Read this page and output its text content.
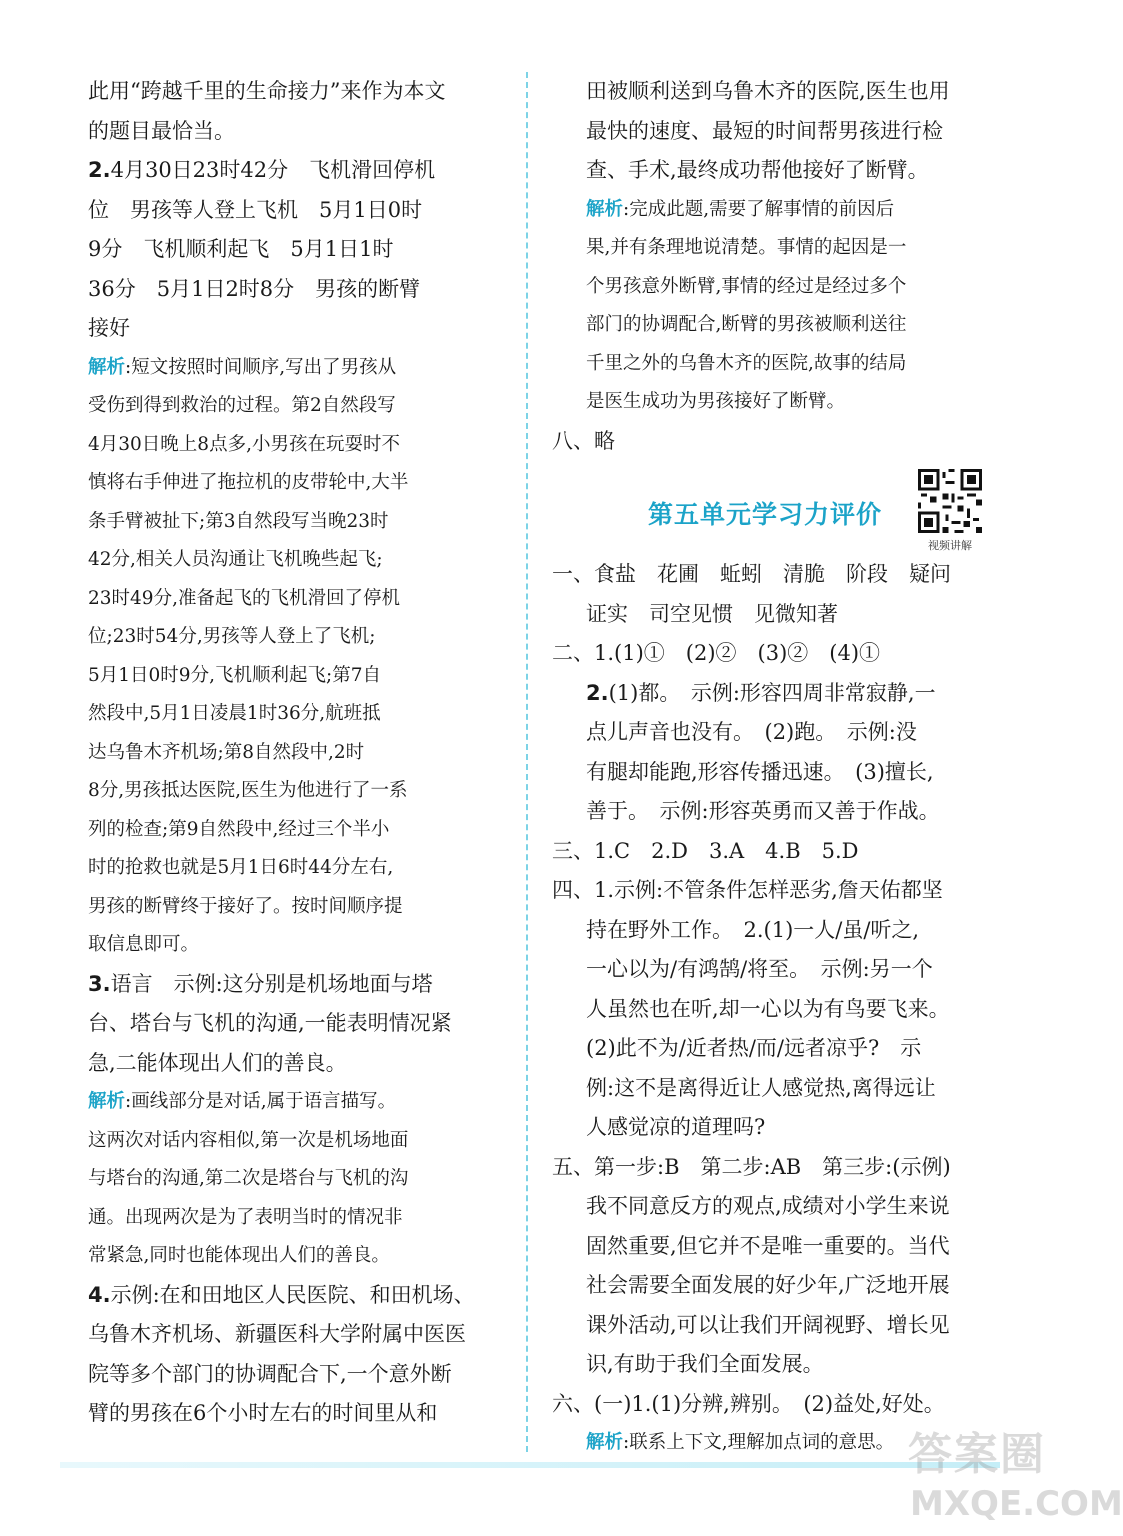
此用“跨越千里的生命接力”来作为本文
的题目最恰当。
2.4月30日23时42分　飞机滑回停机
位　男孩等人登上飞机　5月1日0时
9分　飞机顺利起飞　5月1日1时
36分　5月1日2时8分　男孩的断臂
接好
解析:短文按照时间顺序,写出了男孩从
受伤到得到救治的过程。第2自然段写
4月30日晚上8点多,小男孩在玩耍时不
慎将右手伸进了拖拉机的皮带轮中,大半
条手臂被扯下;第3自然段写当晚23时
42分,相关人员沟通让飞机晚些起飞;
23时49分,准备起飞的飞机滑回了停机
位;23时54分,男孩等人登上了飞机;
5月1日0时9分,飞机顺利起飞;第7自
然段中,5月1日凌晨1时36分,航班抵
达乌鲁木齐机场;第8自然段中,2时
8分,男孩抵达医院,医生为他进行了一系
列的检查;第9自然段中,经过三个半小
时的抢救也就是5月1日6时44分左右,
男孩的断臂终于接好了。按时间顺序提
取信息即可。
3.语言　示例:这分别是机场地面与塔
台、塔台与飞机的沟通,一能表明情况紧
急,二能体现出人们的善良。
解析:画线部分是对话,属于语言描写。
这两次对话内容相似,第一次是机场地面
与塔台的沟通,第二次是塔台与飞机的沟
通。出现两次是为了表明当时的情况非
常紧急,同时也能体现出人们的善良。
4.示例:在和田地区人民医院、和田机场、
乌鲁木齐机场、新疆医科大学附属中医医
院等多个部门的协调配合下,一个意外断
臂的男孩在6个小时左右的时间里从和
田被顺利送到乌鲁木齐的医院,医生也用
最快的速度、最短的时间帮男孩进行检
查、手术,最终成功帮他接好了断臂。
解析:完成此题,需要了解事情的前因后
果,并有条理地说清楚。事情的起因是一
个男孩意外断臂,事情的经过是经过多个
部门的协调配合,断臂的男孩被顺利送往
千里之外的乌鲁木齐的医院,故事的结局
是医生成功为男孩接好了断臂。
八、略
第五单元学习力评价
视频讲解
一、食盐　花圃　蚯蚓　清脆　阶段　疑问
证实　司空见惯　见微知著
二、1.(1)①　(2)②　(3)②　(4)①
2.(1)都。　示例:形容四周非常寂静,一
点儿声音也没有。　(2)跑。　示例:没
有腿却能跑,形容传播迅速。　(3)擅长,
善于。　示例:形容英勇而又善于作战。
三、1.C　2.D　3.A　4.B　5.D
四、1.示例:不管条件怎样恶劣,詹天佑都坚
持在野外工作。　2.(1)一人/虽/听之,
一心以为/有鸿鹄/将至。　示例:另一个
人虽然也在听,却一心以为有鸟要飞来。
(2)此不为/近者热/而/远者凉乎?　示
例:这不是离得近让人感觉热,离得远让
人感觉凉的道理吗?
五、第一步:B　第二步:AB　第三步:(示例)
我不同意反方的观点,成绩对小学生来说
固然重要,但它并不是唯一重要的。当代
社会需要全面发展的好少年,广泛地开展
课外活动,可以让我们开阔视野、增长见
识,有助于我们全面发展。
六、(一)1.(1)分辨,辨别。　(2)益处,好处。
解析:联系上下文,理解加点词的意思。 答案圈
MXQE.COM
